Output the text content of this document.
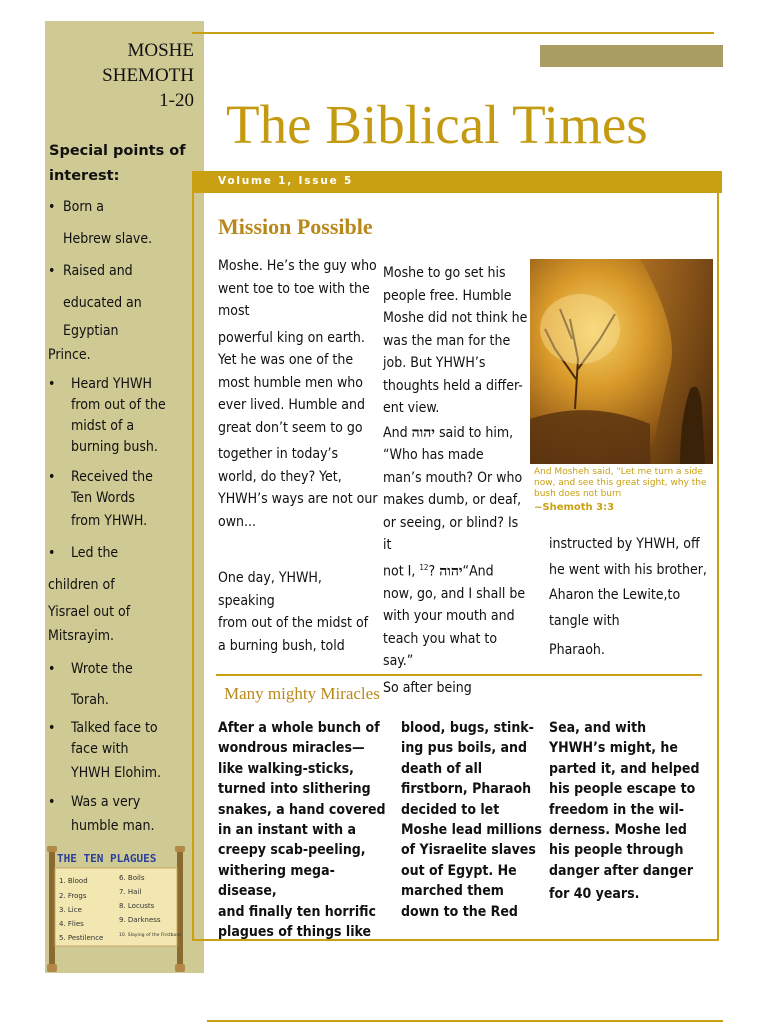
MOSHE
SHEMOTH
1-20
Special points of interest:
• Born a
Hebrew slave.
• Raised and
educated an
Egyptian
Prince.
• Heard YHWH
from out of the
midst of a
burning bush.
• Received the
Ten Words
from YHWH.
• Led the
children of
Yisrael out of
Mitsrayim.
• Wrote the
Torah.
• Talked face to
face with
YHWH Elohim.
• Was a very
humble man.
THE TEN PLAGUES
1. Blood
2. Frogs
3. Lice
4. Flies
5. Pestilence
6. Boils
7. Hail
8. Locusts
9. Darkness
10. Slaying of the Firstborn
The Biblical Times
Volume 1, Issue 5
Mission Possible
Moshe. He’s the guy who
went toe to toe with the
most
powerful king on earth.
Yet he was one of the
most humble men who
ever lived. Humble and
great don’t seem to go
together in today’s
world, do they? Yet,
YHWH’s ways are not our
own...
One day, YHWH, speaking
from out of the midst of
a burning bush, told
Moshe to go set his
people free. Humble
Moshe did not think he
was the man for the
job. But YHWH’s
thoughts held a differ-
ent view.
And יהוה said to him,
“Who has made
man’s mouth? Or who
makes dumb, or deaf,
or seeing, or blind? Is it
not I, יהוה ?$^{12}$ “And
now, go, and I shall be
with your mouth and
teach you what to say.”
So after being
And Mosheh said, “Let me turn a side now, and see this great sight, why the bush does not burn
~Shemoth 3:3
instructed by YHWH, off
he went with his brother,
Aharon the Lewite,to
tangle with
Pharaoh.
Many mighty Miracles
After a whole bunch of
wondrous miracles—
like walking-sticks,
turned into slithering
snakes, a hand covered
in an instant with a
creepy scab-peeling,
withering mega-disease,
and finally ten horrific
plagues of things like
blood, bugs, stink-
ing pus boils, and
death of all
firstborn, Pharaoh
decided to let
Moshe lead millions
of Yisraelite slaves
out of Egypt. He
marched them
down to the Red
Sea, and with
YHWH’s might, he
parted it, and helped
his people escape to
freedom in the wil-
derness. Moshe led
his people through
danger after danger
for 40 years.
